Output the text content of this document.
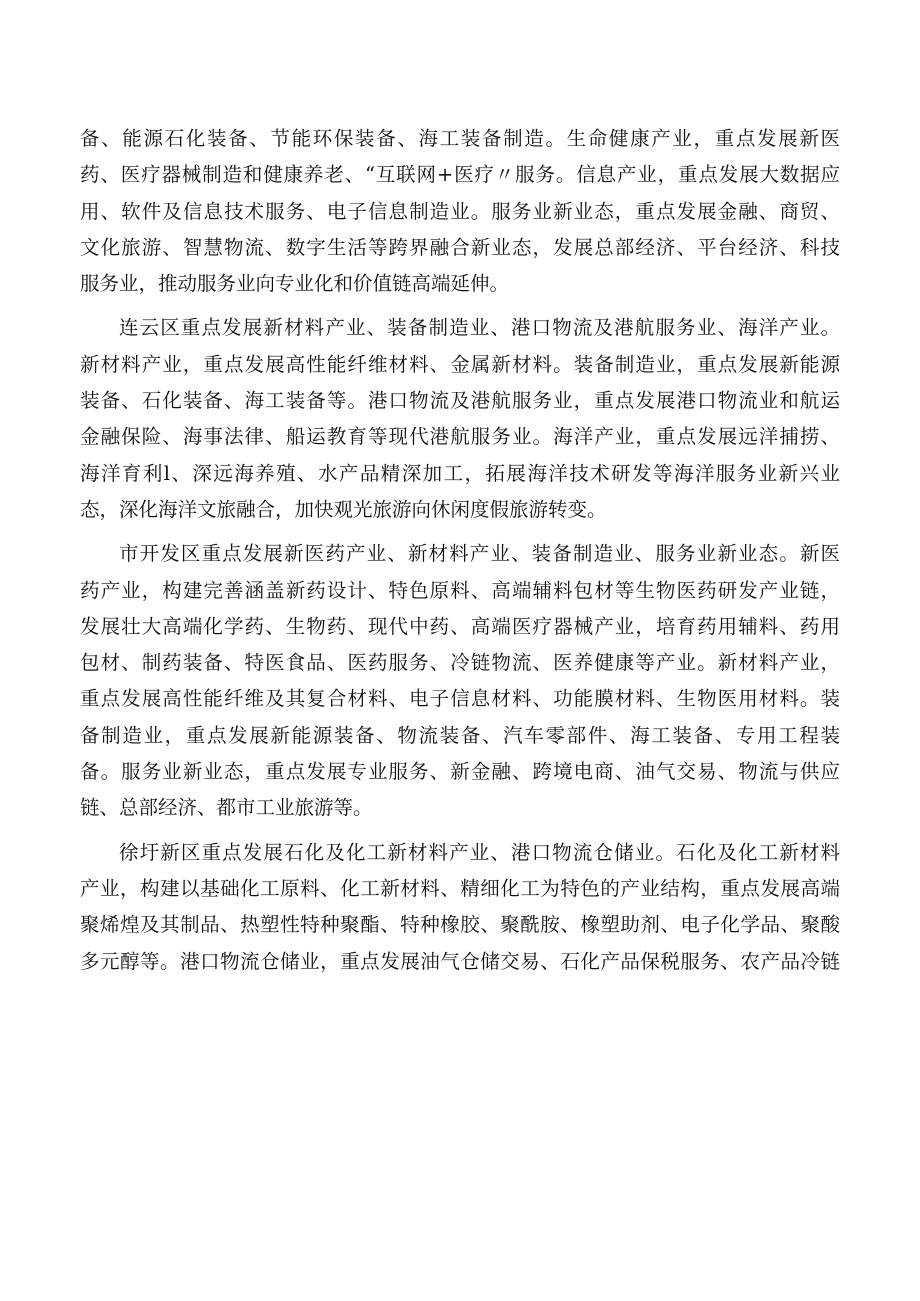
备、能源石化装备、节能环保装备、海工装备制造。生命健康产业，重点发展新医
药、医疗器械制造和健康养老、“互联网+医疗〃服务。信息产业，重点发展大数据应
用、软件及信息技术服务、电子信息制造业。服务业新业态，重点发展金融、商贸、
文化旅游、智慧物流、数字生活等跨界融合新业态，发展总部经济、平台经济、科技
服务业，推动服务业向专业化和价值链高端延伸。
连云区重点发展新材料产业、装备制造业、港口物流及港航服务业、海洋产业。
新材料产业，重点发展高性能纤维材料、金属新材料。装备制造业，重点发展新能源
装备、石化装备、海工装备等。港口物流及港航服务业，重点发展港口物流业和航运
金融保险、海事法律、船运教育等现代港航服务业。海洋产业，重点发展远洋捕捞、
海洋育利l、深远海养殖、水产品精深加工，拓展海洋技术研发等海洋服务业新兴业
态，深化海洋文旅融合，加快观光旅游向休闲度假旅游转变。
市开发区重点发展新医药产业、新材料产业、装备制造业、服务业新业态。新医
药产业，构建完善涵盖新药设计、特色原料、高端辅料包材等生物医药研发产业链，
发展壮大高端化学药、生物药、现代中药、高端医疗器械产业，培育药用辅料、药用
包材、制药装备、特医食品、医药服务、冷链物流、医养健康等产业。新材料产业，
重点发展高性能纤维及其复合材料、电子信息材料、功能膜材料、生物医用材料。装
备制造业，重点发展新能源装备、物流装备、汽车零部件、海工装备、专用工程装
备。服务业新业态，重点发展专业服务、新金融、跨境电商、油气交易、物流与供应
链、总部经济、都市工业旅游等。
徐圩新区重点发展石化及化工新材料产业、港口物流仓储业。石化及化工新材料
产业，构建以基础化工原料、化工新材料、精细化工为特色的产业结构，重点发展高端
聚烯煌及其制品、热塑性特种聚酯、特种橡胶、聚酰胺、橡塑助剂、电子化学品、聚酸
多元醇等。港口物流仓储业，重点发展油气仓储交易、石化产品保税服务、农产品冷链
